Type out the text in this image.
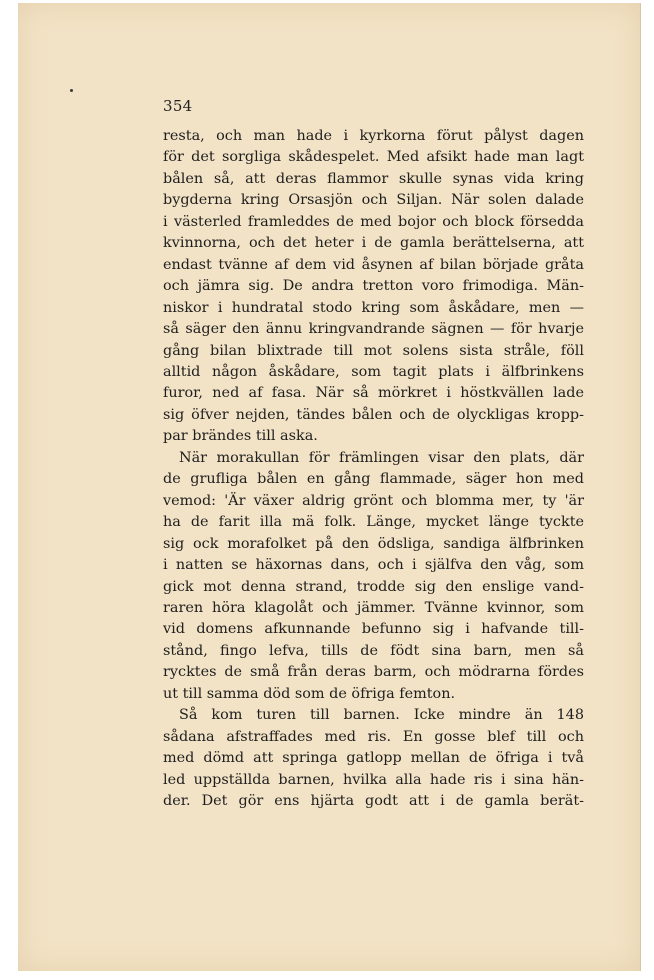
354
resta, och man hade i kyrkorna förut pålyst dagen
för det sorgliga skådespelet. Med afsikt hade man lagt
bålen så, att deras flammor skulle synas vida kring
bygderna kring Orsasjön och Siljan. När solen dalade
i västerled framleddes de med bojor och block försedda
kvinnorna, och det heter i de gamla berättelserna, att
endast tvänne af dem vid åsynen af bilan började gråta
och jämra sig. De andra tretton voro frimodiga. Män-
niskor i hundratal stodo kring som åskådare, men —
så säger den ännu kringvandrande sägnen — för hvarje
gång bilan blixtrade till mot solens sista stråle, föll
alltid någon åskådare, som tagit plats i älfbrinkens
furor, ned af fasa. När så mörkret i höstkvällen lade
sig öfver nejden, tändes bålen och de olyckligas kropp-
par brändes till aska.
När morakullan för främlingen visar den plats, där
de grufliga bålen en gång flammade, säger hon med
vemod: 'Är växer aldrig grönt och blomma mer, ty 'är
ha de farit illa mä folk. Länge, mycket länge tyckte
sig ock morafolket på den ödsliga, sandiga älfbrinken
i natten se häxornas dans, och i själfva den våg, som
gick mot denna strand, trodde sig den enslige vand-
raren höra klagolåt och jämmer. Tvänne kvinnor, som
vid domens afkunnande befunno sig i hafvande till-
stånd, fingo lefva, tills de födt sina barn, men så
rycktes de små från deras barm, och mödrarna fördes
ut till samma död som de öfriga femton.
Så kom turen till barnen. Icke mindre än 148
sådana afstraffades med ris. En gosse blef till och
med dömd att springa gatlopp mellan de öfriga i två
led uppställda barnen, hvilka alla hade ris i sina hän-
der. Det gör ens hjärta godt att i de gamla berät-
